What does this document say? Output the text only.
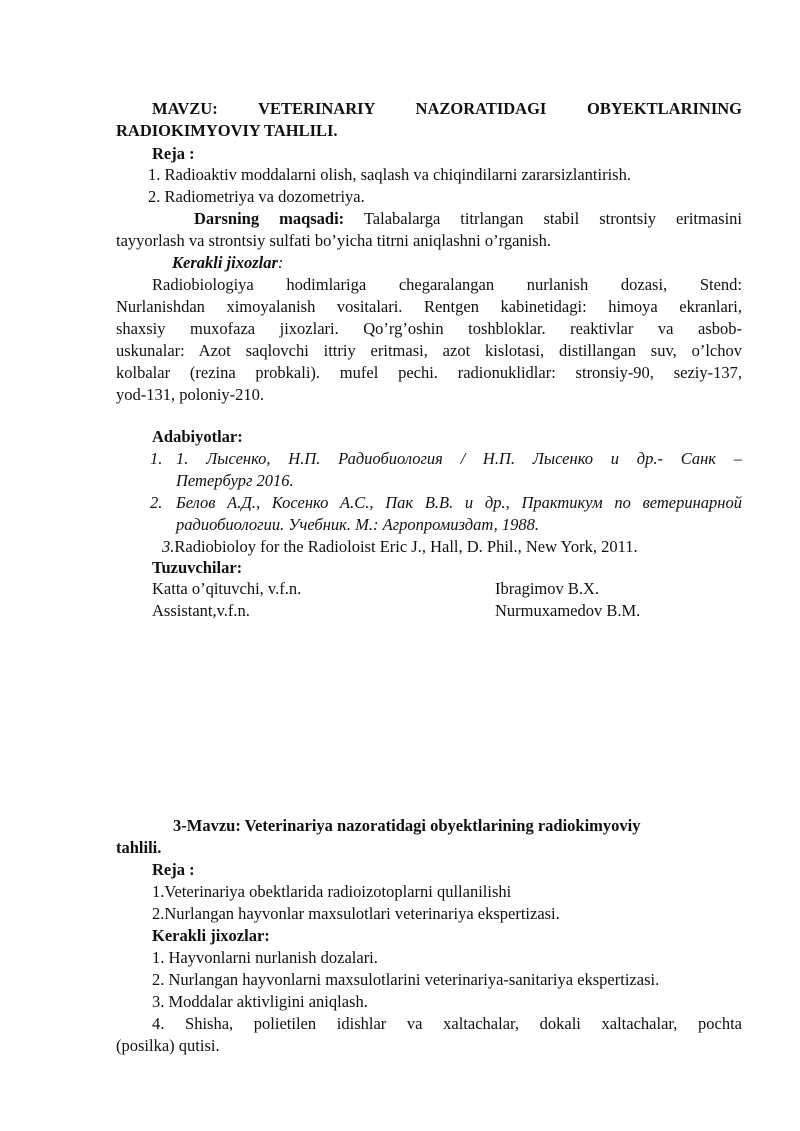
MAVZU: VETERINARIY NAZORATIDAGI OBYEKTLARINING
RADIOKIMYOVIY TAHLILI.
Reja :
1. Radioaktiv moddalarni olish, saqlash va chiqindilarni zararsizlantirish.
2. Radiometriya va dozometriya.
Darsning maqsadi: Talabalarga titrlangan stabil strontsiy eritmasini
tayyorlash va strontsiy sulfati bo’yicha titrni aniqlashni o’rganish.
Kerakli jixozlar:
Radiobiologiya hodimlariga chegaralangan nurlanish dozasi, Stend:
Nurlanishdan ximoyalanish vositalari. Rentgen kabinetidagi: himoya ekranlari,
shaxsiy muxofaza jixozlari. Qo’rg’oshin toshbloklar. reaktivlar va asbob-
uskunalar: Azot saqlovchi ittriy eritmasi, azot kislotasi, distillangan suv, o’lchov
kolbalar (rezina probkali). mufel pechi. radionuklidlar: stronsiy-90, seziy-137,
yod-131, poloniy-210.
Adabiyotlar:
1. 1. Лысенко, Н.П. Радиобиология / Н.П. Лысенко и др.- Санк –
Петербург 2016.
2. Белов А.Д., Косенко А.С., Пак В.В. и др., Практикум по ветеринарной
радиобиологии. Учебник. М.: Агропромиздат, 1988.
3.Radiobioloy for the Radioloist Eric J., Hall, D. Phil., New York, 2011.
Tuzuvchilar:
Katta o’qituvchi, v.f.n.	Ibragimov B.X.
Assistant,v.f.n.	Nurmuxamedov B.M.
3-Mavzu: Veterinariya nazoratidagi obyektlarining radiokimyoviy
tahlili.
Reja :
1.Veterinariya obektlarida radioizotoplarni qullanilishi
2.Nurlangan hayvonlar maxsulotlari veterinariya ekspertizasi.
Kerakli jixozlar:
1. Hayvonlarni nurlanish dozalari.
2. Nurlangan hayvonlarni maxsulotlarini veterinariya-sanitariya ekspertizasi.
3. Moddalar aktivligini aniqlash.
4. Shisha, polietilen idishlar va xaltachalar, dokali xaltachalar, pochta
(posilka) qutisi.
